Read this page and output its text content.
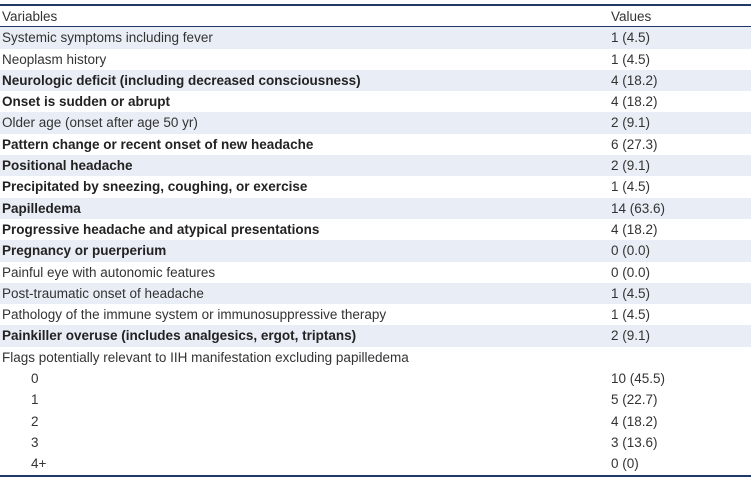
Variables	Values
Systemic symptoms including fever	1 (4.5)
Neoplasm history	1 (4.5)
Neurologic deficit (including decreased consciousness)	4 (18.2)
Onset is sudden or abrupt	4 (18.2)
Older age (onset after age 50 yr)	2 (9.1)
Pattern change or recent onset of new headache	6 (27.3)
Positional headache	2 (9.1)
Precipitated by sneezing, coughing, or exercise	1 (4.5)
Papilledema	14 (63.6)
Progressive headache and atypical presentations	4 (18.2)
Pregnancy or puerperium	0 (0.0)
Painful eye with autonomic features	0 (0.0)
Post-traumatic onset of headache	1 (4.5)
Pathology of the immune system or immunosuppressive therapy	1 (4.5)
Painkiller overuse (includes analgesics, ergot, triptans)	2 (9.1)
Flags potentially relevant to IIH manifestation excluding papilledema
0	10 (45.5)
1	5 (22.7)
2	4 (18.2)
3	3 (13.6)
4+	0 (0)
